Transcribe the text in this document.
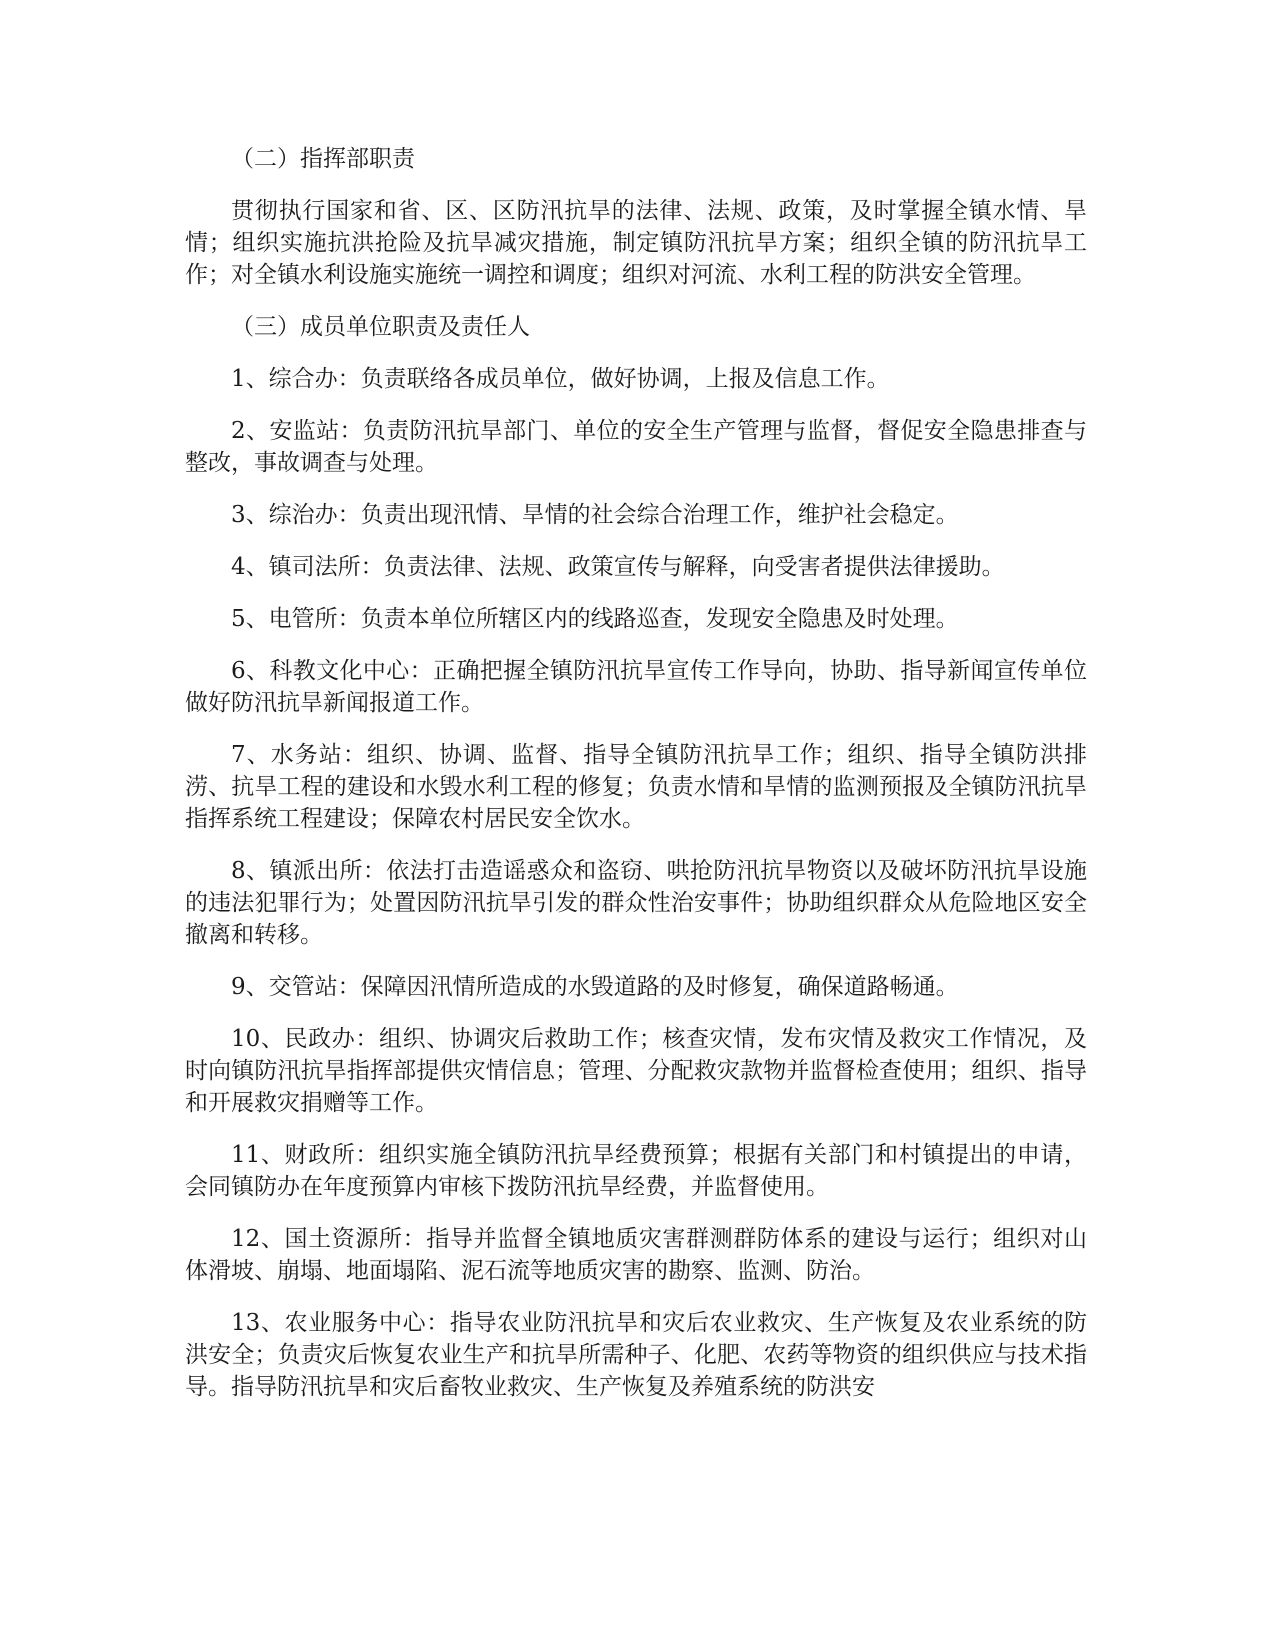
（二）指挥部职责

贯彻执行国家和省、区、区防汛抗旱的法律、法规、政策，及时掌握全镇水情、旱情；组织实施抗洪抢险及抗旱减灾措施，制定镇防汛抗旱方案；组织全镇的防汛抗旱工作；对全镇水利设施实施统一调控和调度；组织对河流、水利工程的防洪安全管理。

（三）成员单位职责及责任人

1、综合办：负责联络各成员单位，做好协调，上报及信息工作。

2、安监站：负责防汛抗旱部门、单位的安全生产管理与监督，督促安全隐患排查与整改，事故调查与处理。

3、综治办：负责出现汛情、旱情的社会综合治理工作，维护社会稳定。

4、镇司法所：负责法律、法规、政策宣传与解释，向受害者提供法律援助。

5、电管所：负责本单位所辖区内的线路巡查，发现安全隐患及时处理。

6、科教文化中心：正确把握全镇防汛抗旱宣传工作导向，协助、指导新闻宣传单位做好防汛抗旱新闻报道工作。

7、水务站：组织、协调、监督、指导全镇防汛抗旱工作；组织、指导全镇防洪排涝、抗旱工程的建设和水毁水利工程的修复；负责水情和旱情的监测预报及全镇防汛抗旱指挥系统工程建设；保障农村居民安全饮水。

8、镇派出所：依法打击造谣惑众和盗窃、哄抢防汛抗旱物资以及破坏防汛抗旱设施的违法犯罪行为；处置因防汛抗旱引发的群众性治安事件；协助组织群众从危险地区安全撤离和转移。

9、交管站：保障因汛情所造成的水毁道路的及时修复，确保道路畅通。

10、民政办：组织、协调灾后救助工作；核查灾情，发布灾情及救灾工作情况，及时向镇防汛抗旱指挥部提供灾情信息；管理、分配救灾款物并监督检查使用；组织、指导和开展救灾捐赠等工作。

11、财政所：组织实施全镇防汛抗旱经费预算；根据有关部门和村镇提出的申请，会同镇防办在年度预算内审核下拨防汛抗旱经费，并监督使用。

12、国土资源所：指导并监督全镇地质灾害群测群防体系的建设与运行；组织对山体滑坡、崩塌、地面塌陷、泥石流等地质灾害的勘察、监测、防治。

13、农业服务中心：指导农业防汛抗旱和灾后农业救灾、生产恢复及农业系统的防洪安全；负责灾后恢复农业生产和抗旱所需种子、化肥、农药等物资的组织供应与技术指导。指导防汛抗旱和灾后畜牧业救灾、生产恢复及养殖系统的防洪安
